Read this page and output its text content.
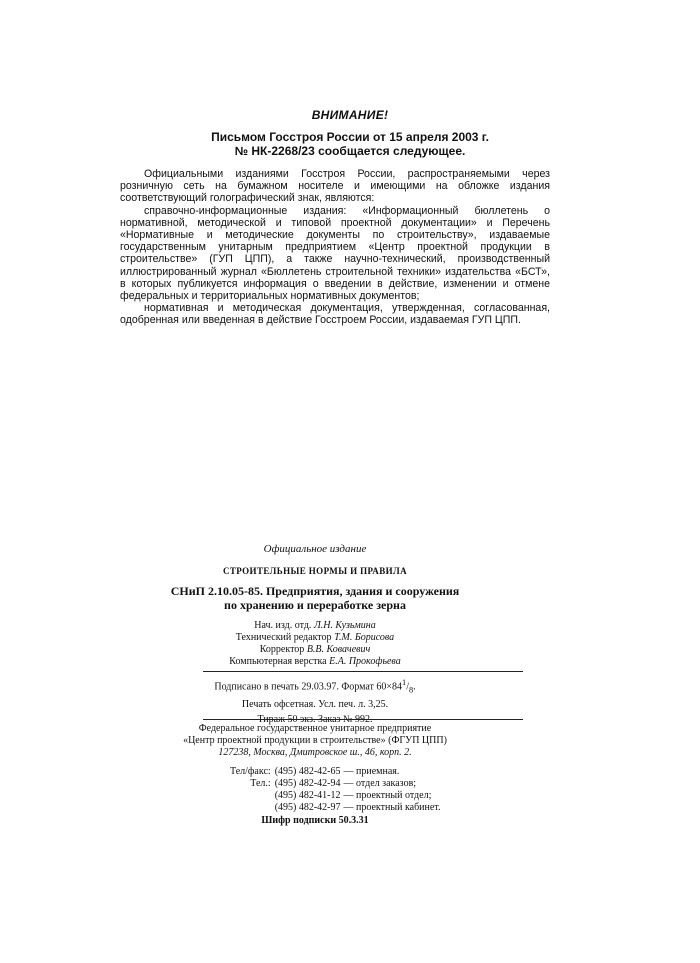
ВНИМАНИЕ!
Письмом Госстроя России от 15 апреля 2003 г.
№ НК-2268/23 сообщается следующее.

Официальными изданиями Госстроя России, распространяемыми через розничную сеть на бумажном носителе и имеющими на обложке издания соответствующий голографический знак, являются:

справочно-информационные издания: «Информационный бюллетень о нормативной, методической и типовой проектной документации» и Перечень «Нормативные и методические документы по строительству», издаваемые государственным унитарным предприятием «Центр проектной продукции в строительстве» (ГУП ЦПП), а также научно-технический, производственный иллюстрированный журнал «Бюллетень строительной техники» издательства «БСТ», в которых публикуется информация о введении в действие, изменении и отмене федеральных и территориальных нормативных документов;

нормативная и методическая документация, утвержденная, согласованная, одобренная или введенная в действие Госстроем России, издаваемая ГУП ЦПП.

Официальное издание
СТРОИТЕЛЬНЫЕ НОРМЫ И ПРАВИЛА
СНиП 2.10.05-85. Предприятия, здания и сооружения
по хранению и переработке зерна
Нач. изд. отд. Л.Н. Кузьмина
Технический редактор Т.М. Борисова
Корректор В.В. Ковачевич
Компьютерная верстка Е.А. Прокофьева
Подписано в печать 29.03.97. Формат $60\times 84^1/_8$.
Печать офсетная. Усл. печ. л. 3,25.
Тираж 50 экз. Заказ № 992.
Федеральное государственное унитарное предприятие
«Центр проектной продукции в строительстве» (ФГУП ЦПП)
127238, Москва, Дмитровское ш., 46, корп. 2.
Тел/факс:	(495) 482-42-65	— приемная.
Тел.:	(495) 482-42-94	— отдел заказов;
	(495) 482-41-12	— проектный отдел;
	(495) 482-42-97	— проектный кабинет.
Шифр подписки 50.3.31
